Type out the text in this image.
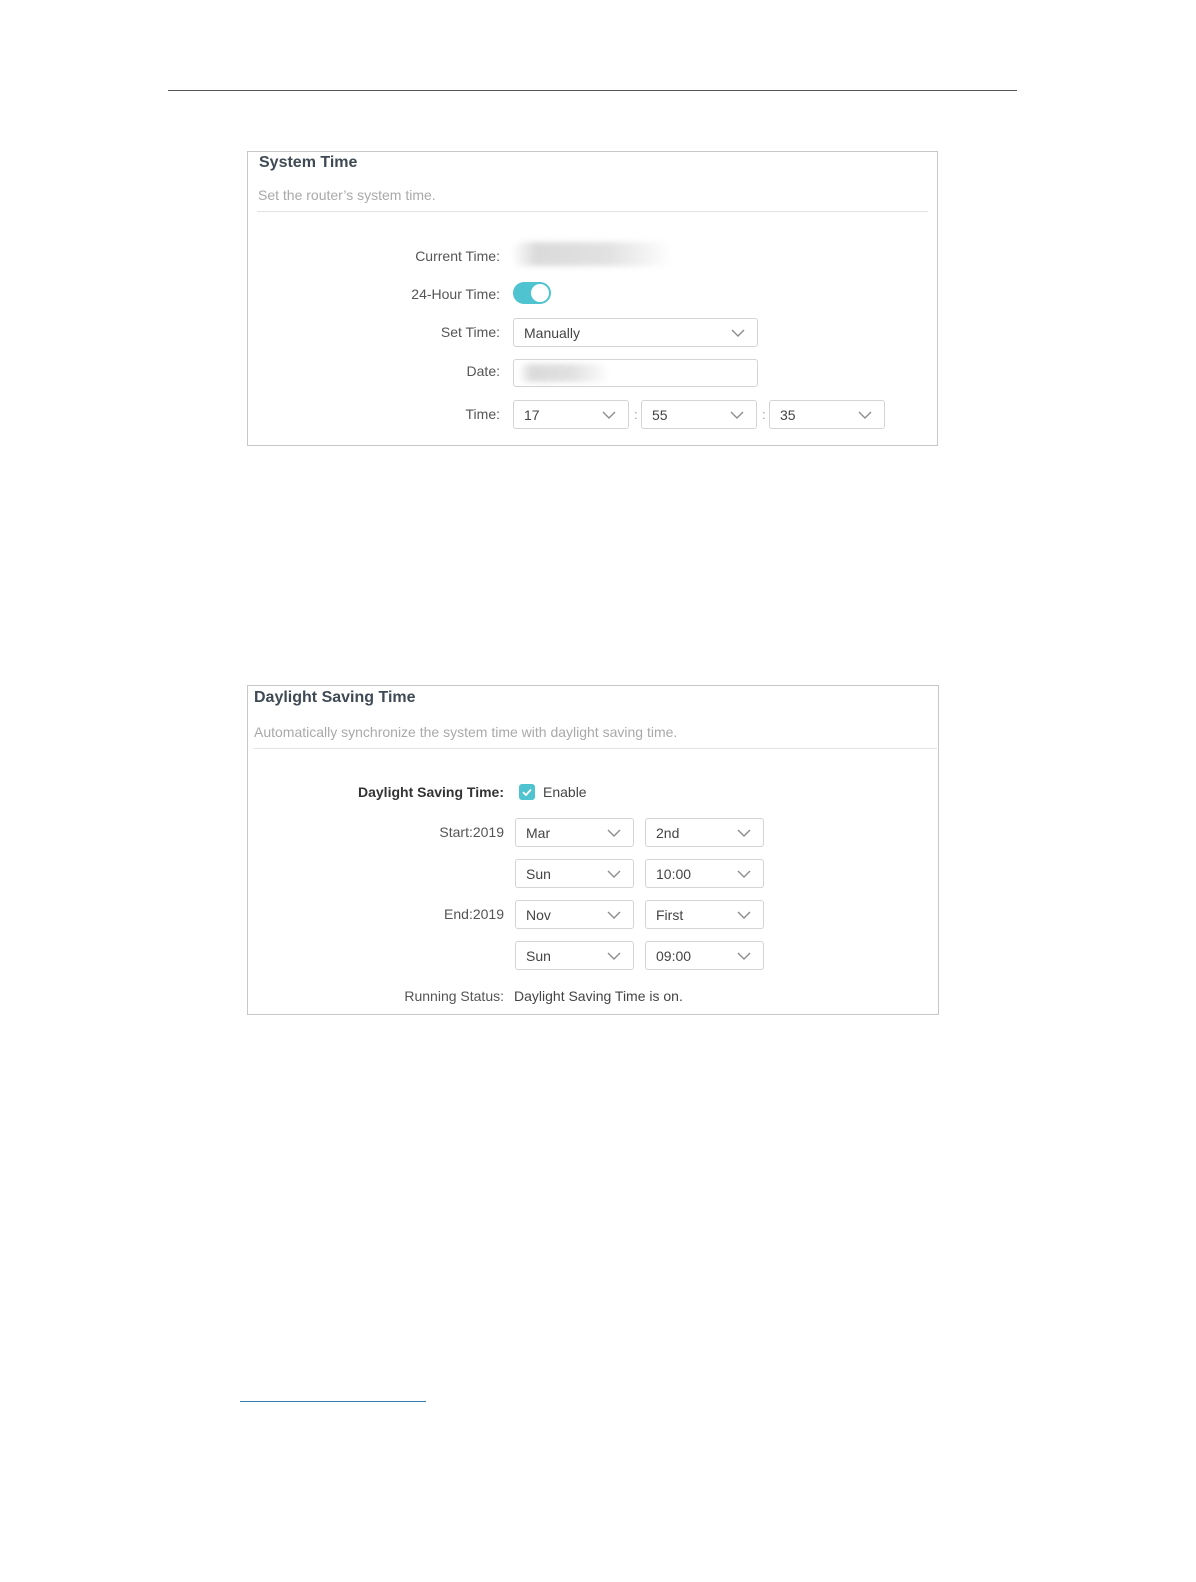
System Time
Set the router’s system time.
Current Time:
24-Hour Time:
Set Time: Manually
Date:
Time: 17	: 55	: 35
Daylight Saving Time
Automatically synchronize the system time with daylight saving time.
Daylight Saving Time:	Enable
Start:2019 Mar	2nd
Sun	10:00
End:2019 Nov	First
Sun	09:00
Running Status: Daylight Saving Time is on.
